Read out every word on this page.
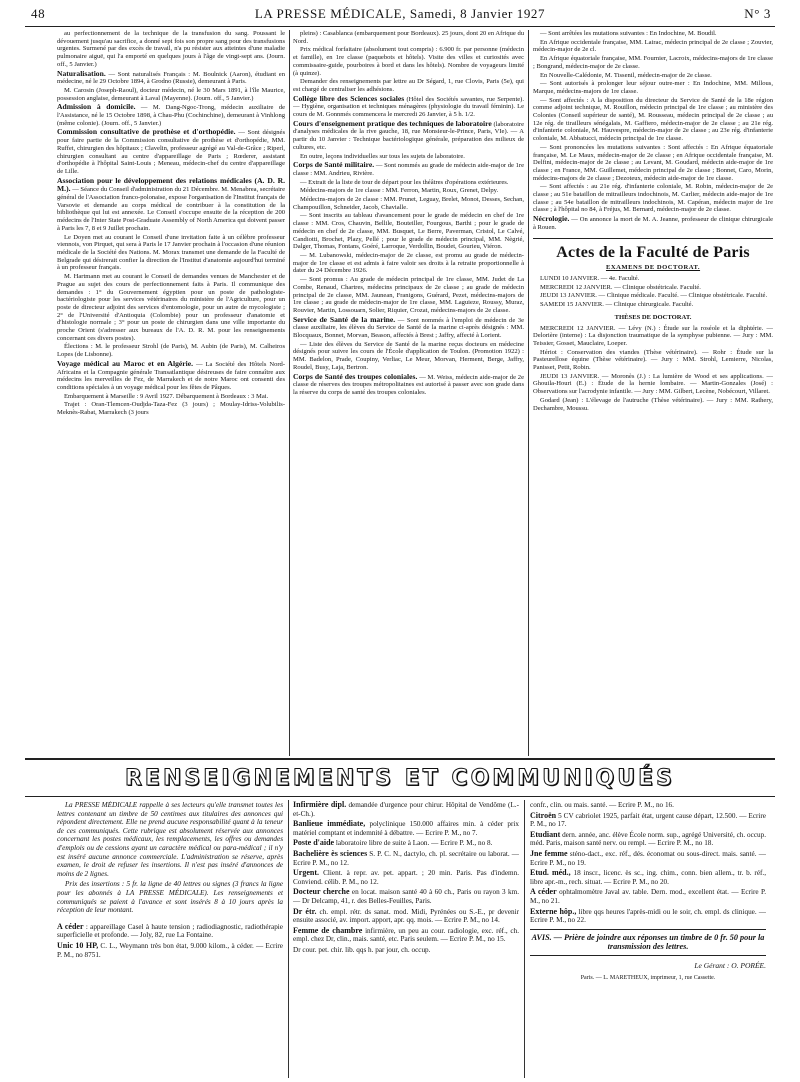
48	LA PRESSE MÉDICALE, Samedi, 8 Janvier 1927	N° 3

au perfectionnement de la technique de la transfusion du sang. Poussant le dévouement jusqu'au sacrifice, a donné sept fois son propre sang pour des transfusions urgentes. Surmené par des excès de travail, n'a pu résister aux atteintes d'une maladie pulmonaire aiguë, qui l'a emporté en quelques jours à l'âge de vingt-sept ans. (Journ. off., 5 Janvier.)

Naturalisation. — Sont naturalisés Français : M. Boulnick (Aaron), étudiant en médecine, né le 29 Octobre 1894, à Grodno (Russie), demeurant à Paris.

M. Carosin (Joseph-Raoul), docteur médecin, né le 30 Mars 1891, à l'île Maurice, possession anglaise, demeurant à Laval (Mayenne). (Journ. off., 5 Janvier.)

Admission à domicile. — M. Dang-Ngoc-Trong, médecin auxiliaire de l'Assistance, né le 15 Octobre 1898, à Chau-Phu (Cochinchine), demeurant à Vinhlong (même colonie). (Journ. off., 5 Janvier.)

Commission consultative de prothèse et d'orthopédie. — Sont désignés pour faire partie de la Commission consultative de prothèse et d'orthopédie, MM. Ruffet, chirurgien des hôpitaux ; Clavelin, professeur agrégé au Val-de-Grâce ; Riperl, chirurgien consultant au centre d'appareillage de Paris ; Rœderer, assistant d'orthopédie à l'hôpital Saint-Louis ; Meneau, médecin-chef du centre d'appareillage de Lille.

Association pour le développement des relations médicales (A. D. R. M.). — Séance du Conseil d'administration du 21 Décembre. M. Menabrea, secrétaire général de l'Association franco-polonaise, expose l'organisation de l'Institut français de Varsovie et demande au corps médical de contribuer à la constitution de la bibliothèque qui lui est annexée. Le Conseil s'occupe ensuite de la réception de 200 médecins de l'Inter State Post-Graduate Assembly of North America qui doivent passer à Paris les 7, 8 et 9 Juillet prochain.

Le Doyen met au courant le Conseil d'une invitation faite à un célèbre professeur viennois, von Pirquet, qui sera à Paris le 17 Janvier prochain à l'occasion d'une réunion médicale de la Société des Nations. M. Morax transmet une demande de la Faculté de Belgrade qui désirerait confier la direction de l'Institut d'anatomie aujourd'hui terminé à un professeur français.

M. Hartmann met au courant le Conseil de demandes venues de Manchester et de Prague au sujet des cours de perfectionnement faits à Paris. Il communique des demandes : 1° du Gouvernement égyptien pour un poste de pathologiste-bactériologiste pour les services vétérinaires du ministère de l'Agriculture, pour un poste de directeur adjoint des services d'entomologie, pour un autre de mycologiste ; 2° de l'Université d'Antioquia (Colombie) pour un professeur d'anatomie et d'histologie normale ; 3° pour un poste de chirurgien dans une ville importante du proche Orient (s'adresser aux bureaux de l'A. D. R. M. pour les renseignements concernant ces divers postes).

Élections : M. le professeur Strohl (de Paris), M. Aubin (de Paris), M. Calheiros Lopes (de Lisbonne).

Voyage médical au Maroc et en Algérie. — La Société des Hôtels Nord-Africains et la Compagnie générale Transatlantique désireuses de faire connaître aux médecins les merveilles de Fez, de Marrakech et de notre Maroc ont consenti des conditions spéciales à un voyage médical pour les fêtes de Pâques.

Embarquement à Marseille : 9 Avril 1927. Débarquement à Bordeaux : 3 Mai.

Trajet : Oran-Tlemcen-Oudjda-Taza-Fez (3 jours) ; Moulay-Idriss-Volubilis-Meknès-Rabat, Marrakech (3 jours

pleins) : Casablanca (embarquement pour Bordeaux). 25 jours, dont 20 en Afrique du Nord.

Prix médical forfaitaire (absolument tout compris) : 6.900 fr. par personne (médecin et famille), en 1re classe (paquebots et hôtels). Visite des villes et curiosités avec commissaire-guide, pourboires à bord et dans les hôtels). Nombre de voyageurs limité (à quinze).

Demander des renseignements par lettre au Dr Ségard, 1, rue Clovis, Paris (5e), qui est chargé de centraliser les adhésions.

Collège libre des Sciences sociales (Hôtel des Sociétés savantes, rue Serpente). — Hygiène, organisation et techniques ménagères (physiologie du travail féminin). Le cours de M. Gonnmés commencera le mercredi 26 Janvier, à 5 h. 1/2.

Cours d'enseignement pratique des techniques de laboratoire (laboratoire d'analyses médicales de la rive gauche, 18, rue Monsieur-le-Prince, Paris, VIe). — A partir du 10 Janvier : Technique bactériologique générale, préparation des milieux de cultures, etc.

En outre, leçons individuelles sur tous les sujets de laboratoire.

Corps de Santé militaire. — Sont nommés au grade de médecin aide-major de 1re classe : MM. Andrieu, Rivière.

— Extrait de la liste de tour de départ pour les théâtres d'opérations extérieures.

Médecins-majors de 1re classe : MM. Ferron, Martin, Roux, Grenet, Delpy.

Médecins-majors de 2e classe : MM. Prunet, Leguay, Brelet, Monot, Desses, Sechan, Champouillon, Schneider, Jacob, Chavialle.

— Sont inscrits au tableau d'avancement pour le grade de médecin en chef de 1re classe : MM. Cros, Chauvin, Bellile, Bouteiller, Fourgous, Barthi ; pour le grade de médecin en chef de 2e classe, MM. Busquet, Le Berre, Paverman, Cristol, Le Calvé, Candiotti, Brochet, Plazy, Pellé ; pour le grade de médecin principal, MM. Nègrié, Dalger, Thomas, Fontans, Goéré, Larroque, Verdollin, Boudet, Gourieu, Viéron.

— M. Lubanowski, médecin-major de 2e classe, est promu au grade de médecin-major de 1re classe et est admis à faire valoir ses droits à la retraite proportionnelle à dater du 24 Décembre 1926.

— Sont promus : Au grade de médecin principal de 1re classe, MM. Judet de La Combe, Renaud, Chartres, médecins principaux de 2e classe ; au grade de médecin principal de 2e classe, MM. Jaunean, Franigons, Guérard, Pezet, médecins-majors de 1re classe ; au grade de médecin-major de 1re classe, MM. Laguieze, Roussy, Muraz, Rouvier, Martin, Lossouarn, Solier, Riquier, Crozat, médecins-majors de 2e classe.

Service de Santé de la marine. — Sont nommés à l'emploi de médecin de 3e classe auxiliaire, les élèves du Service de Santé de la marine ci-après désignés : MM. Blocquaux, Bonnet, Morvan, Beason, affectés à Brest ; Jaffry, affecté à Lorient.

— Liste des élèves du Service de Santé de la marine reçus docteurs en médecine désignés pour suivre les cours de l'École d'application de Toulon. (Promotion 1922) : MM. Badelon, Prade, Coupiny, Verliac, Le Meur, Morvan, Herment, Berge, Jaffry, Roudel, Busy, Laja, Bertron.

Corps de Santé des troupes coloniales. — M. Weiss, médecin aide-major de 2e classe de réserves des troupes métropolitaines est autorisé à passer avec son grade dans la réserve du corps de santé des troupes coloniales.

— Sont arrêtées les mutations suivantes : En Indochine, M. Boudil.

En Afrique occidentale française, MM. Lairac, médecin principal de 2e classe ; Zouvier, médecin-major de 2e cl.

En Afrique équatoriale française, MM. Fournier, Lacroix, médecins-majors de 1re classe ; Bongrand, médecin-major de 2e classe.

En Nouvelle-Calédonie, M. Tissenil, médecin-major de 2e classe.

— Sont autorisés à prolonger leur séjour outre-mer : En Indochine, MM. Millous, Marque, médecins-majors de 1re classe.

— Sont affectés : A la disposition du directeur du Service de Santé de la 18e région comme adjoint technique, M. Rouillon, médecin principal de 1re classe ; au ministère des Colonies (Conseil supérieur de santé), M. Rousseau, médecin principal de 2e classe ; au 12e rég. de tirailleurs sénégalais, M. Gaffiero, médecin-major de 2e classe ; au 21e rég. d'infanterie coloniale, M. Hauvespre, médecin-major de 2e classe ; au 23e rég. d'infanterie coloniale, M. Abbatucci, médecin principal de 1re classe.

— Sont prononcées les mutations suivantes : Sont affectés : En Afrique équatoriale française, M. Le Maux, médecin-major de 2e classe ; en Afrique occidentale française, M. Delfini, médecin-major de 2e classe ; au Levant, M. Goudard, médecin aide-major de 1re classe ; en France, MM. Guillemet, médecin principal de 2e classe ; Bonnet, Caro, Morin, médecins-majors de 2e classe ; Dezoteux, médecin aide-major de 1re classe.

— Sont affectés : au 21e rég. d'infanterie coloniale, M. Robin, médecin-major de 2e classe ; au 51e bataillon de mitrailleurs indochinois, M. Carlier, médecin aide-major de 1re classe ; au 54e bataillon de mitrailleurs indochinois, M. Capéran, médecin major de 1re classe ; à l'hôpital no 84, à Fréjus, M. Bernard, médecin-major de 2e classe.

Nécrologie. — On annonce la mort de M. A. Jeanne, professeur de clinique chirurgicale à Rouen.

Actes de la Faculté de Paris
EXAMENS DE DOCTORAT.

LUNDI 10 JANVIER. — 4e. Faculté.

MERCREDI 12 JANVIER. — Clinique obstétricale. Faculté.

JEUDI 13 JANVIER. — Clinique médicale. Faculté. — Clinique obstétricale. Faculté.

SAMEDI 15 JANVIER. — Clinique chirurgicale. Faculté.

THÈSES DE DOCTORAT.

MERCREDI 12 JANVIER. — Lévy (N.) : Étude sur la roséole et la diphtérie. — Delorière (interne) : La disjonction traumatique de la symphyse pubienne. — Jury : MM. Teissier, Gosset, Mauclaire, Loeper.

Hériot : Conservation des viandes (Thèse vétérinaire). — Rohr : Étude sur la Pasteurellose équine (Thèse vétérinaire). — Jury : MM. Strohl, Lemierre, Nicolas, Panisset, Petit, Robin.

JEUDI 13 JANVIER. — Moronès (J.) : La lumière de Wood et ses applications. — Ghouila-Houri (E.) : Étude de la hernie lombaire. — Martin-Gonzales (José) : Observations sur l'acrodynie infantile. — Jury : MM. Gilbert, Lecène, Nobécourt, Villaret.

Godard (Jean) : L'élevage de l'autruche (Thèse vétérinaire). — Jury : MM. Rathery, Dechambre, Moussu.

RENSEIGNEMENTS ET COMMUNIQUÉS

La PRESSE MÉDICALE rappelle à ses lecteurs qu'elle transmet toutes les lettres contenant un timbre de 50 centimes aux titulaires des annonces qui répondent directement. Elle ne prend aucune responsabilité quant à la teneur de ces communiqués. Cette rubrique est absolument réservée aux annonces concernant les postes médicaux, les remplacements, les offres ou demandes d'emplois ou de cessions ayant un caractère médical ou para-médical ; il n'y est inséré aucune annonce commerciale. L'administration se réserve, après examen, le droit de refuser les insertions. Il n'est pas inséré d'annonces de moins de 2 lignes.

Prix des insertions : 5 fr. la ligne de 40 lettres ou signes (3 francs la ligne pour les abonnés à LA PRESSE MÉDICALE). Les renseignements et communiqués se paient à l'avance et sont insérés 8 à 10 jours après la réception de leur montant.

A céder : appareillage Casel à haute tension ; radiodiagnostic, radiothérapie superficielle et profonde. — Joly, 82, rue La Fontaine.

Unic 10 HP, C. L., Weymann très bon état, 9.000 kilom., à céder. — Ecrire P. M., no 8751.

Infirmière dipl. demandée d'urgence pour chirur. Hôpital de Vendôme (L.-et-Ch.).

Banlieue immédiate, polyclinique 150.000 affaires min. à céder prix matériel comptant et indemnité à débattre. — Ecrire P. M., no 7.

Poste d'aide laboratoire libre de suite à Laon. — Ecrire P. M., no 8.

Bachelière ès sciences S. P. C. N., dactylo, ch. pl. secrétaire ou laborat. — Ecrire P. M., no 12.

Urgent. Client. à repr. av. pet. appart. ; 20 min. Paris. Pas d'indemn. Conviend. célib. P. M., no 12.

Docteur cherche en locat. maison santé 40 à 60 ch., Paris ou rayon 3 km. — Dr Delcamp, 41, r. des Belles-Feuilles, Paris.

Dr étr. ch. empl. rétr. ds sanat. mod. Midi, Pyrénées ou S.-E., pr devenir ensuite associé, av. import. apport, apr. qq. mois. — Ecrire P. M., no 14.

Femme de chambre infirmière, un peu au cour. radiologie, exc. réf., ch. empl. chez Dr, clin., mais. santé, etc. Paris seulem. — Ecrire P. M., no 15.

Dr cour. pet. chir. lib. qqs h. par jour, ch. occup.

confr., clin. ou mais. santé. — Ecrire P. M., no 16.

Citroën 5 CV cabriolet 1925, parfait état, urgent cause départ, 12.500. — Ecrire P. M., no 17.

Etudiant dern. année, anc. élève École norm. sup., agrégé Université, ch. occup. méd. Paris, maison santé nerv. ou rempl. — Ecrire P. M., no 18.

Jne femme sténo-dact., exc. réf., dés. économat ou sous-direct. mais. santé. — Ecrire P. M., no 19.

Etud. méd., 18 inscr., licenc. ès sc., ing. chim., conn. bien allem., tr. b. réf., libre apr.-m., rech. situat. — Ecrire P. M., no 20.

A céder ophtalmomètre Javal av. table. Dern. mod., excellent état. — Ecrire P. M., no 21.

Externe hôp., libre qqs heures l'après-midi ou le soir, ch. empl. ds clinique. — Ecrire P. M., no 22.

AVIS. — Prière de joindre aux réponses un timbre de 0 fr. 50 pour la transmission des lettres.
Le Gérant : O. PORÉE.
Paris. — L. MARETHEUX, imprimeur, 1, rue Cassette.
